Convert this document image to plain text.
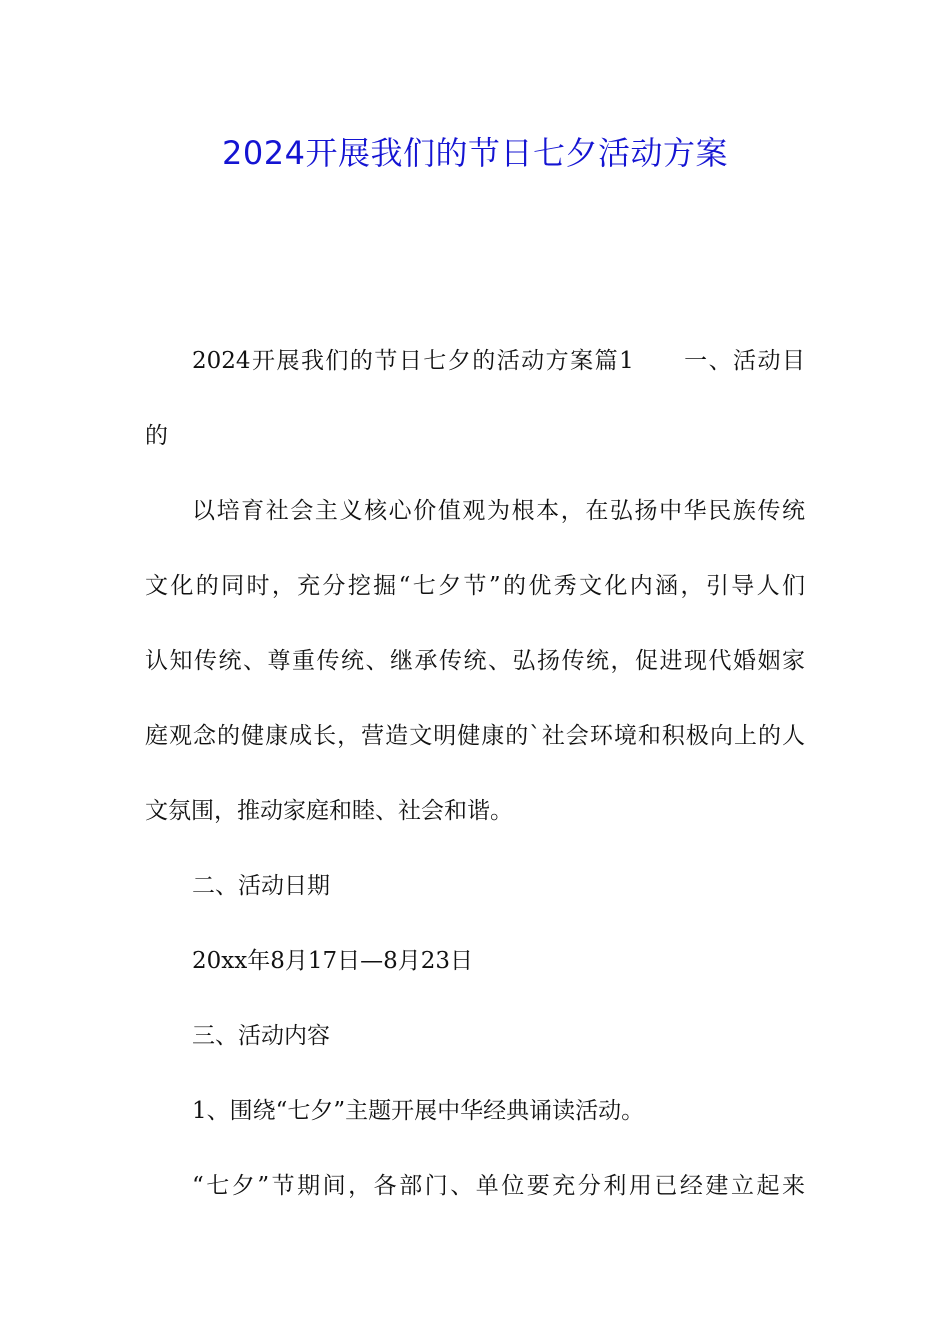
2024开展我们的节日七夕活动方案
2024开展我们的节日七夕的活动方案篇1　　一、活动目
的
以培育社会主义核心价值观为根本，在弘扬中华民族传统
文化的同时，充分挖掘“七夕节”的优秀文化内涵，引导人们
认知传统、尊重传统、继承传统、弘扬传统，促进现代婚姻家
庭观念的健康成长，营造文明健康的`社会环境和积极向上的人
文氛围，推动家庭和睦、社会和谐。
二、活动日期
20xx年8月17日—8月23日
三、活动内容
1、围绕“七夕”主题开展中华经典诵读活动。
“七夕”节期间，各部门、单位要充分利用已经建立起来
